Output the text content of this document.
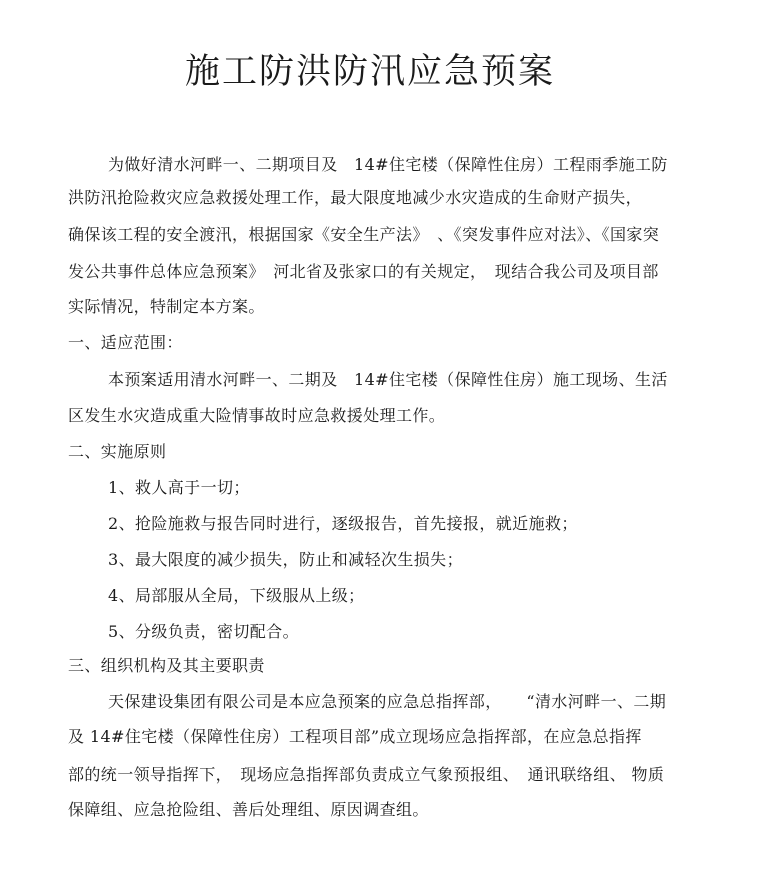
施工防洪防汛应急预案
为做好清水河畔一、二期项目及　14#住宅楼（保障性住房）工程雨季施工防
洪防汛抢险救灾应急救援处理工作，最大限度地减少水灾造成的生命财产损失，
确保该工程的安全渡汛，根据国家《安全生产法》　、《突发事件应对法》、《国家突
发公共事件总体应急预案》　河北省及张家口的有关规定，　现结合我公司及项目部
实际情况，特制定本方案。
一、适应范围：
本预案适用清水河畔一、二期及　14#住宅楼（保障性住房）施工现场、生活
区发生水灾造成重大险情事故时应急救援处理工作。
二、实施原则
1、救人高于一切；
2、抢险施救与报告同时进行，逐级报告，首先接报，就近施救；
3、最大限度的减少损失，防止和减轻次生损失；
4、局部服从全局，下级服从上级；
5、分级负责，密切配合。
三、组织机构及其主要职责
天保建设集团有限公司是本应急预案的应急总指挥部，　　“清水河畔一、二期
及 14#住宅楼（保障性住房）工程项目部”成立现场应急指挥部，在应急总指挥
部的统一领导指挥下，　现场应急指挥部负责成立气象预报组、　通讯联络组、 物质
保障组、应急抢险组、善后处理组、原因调查组。
